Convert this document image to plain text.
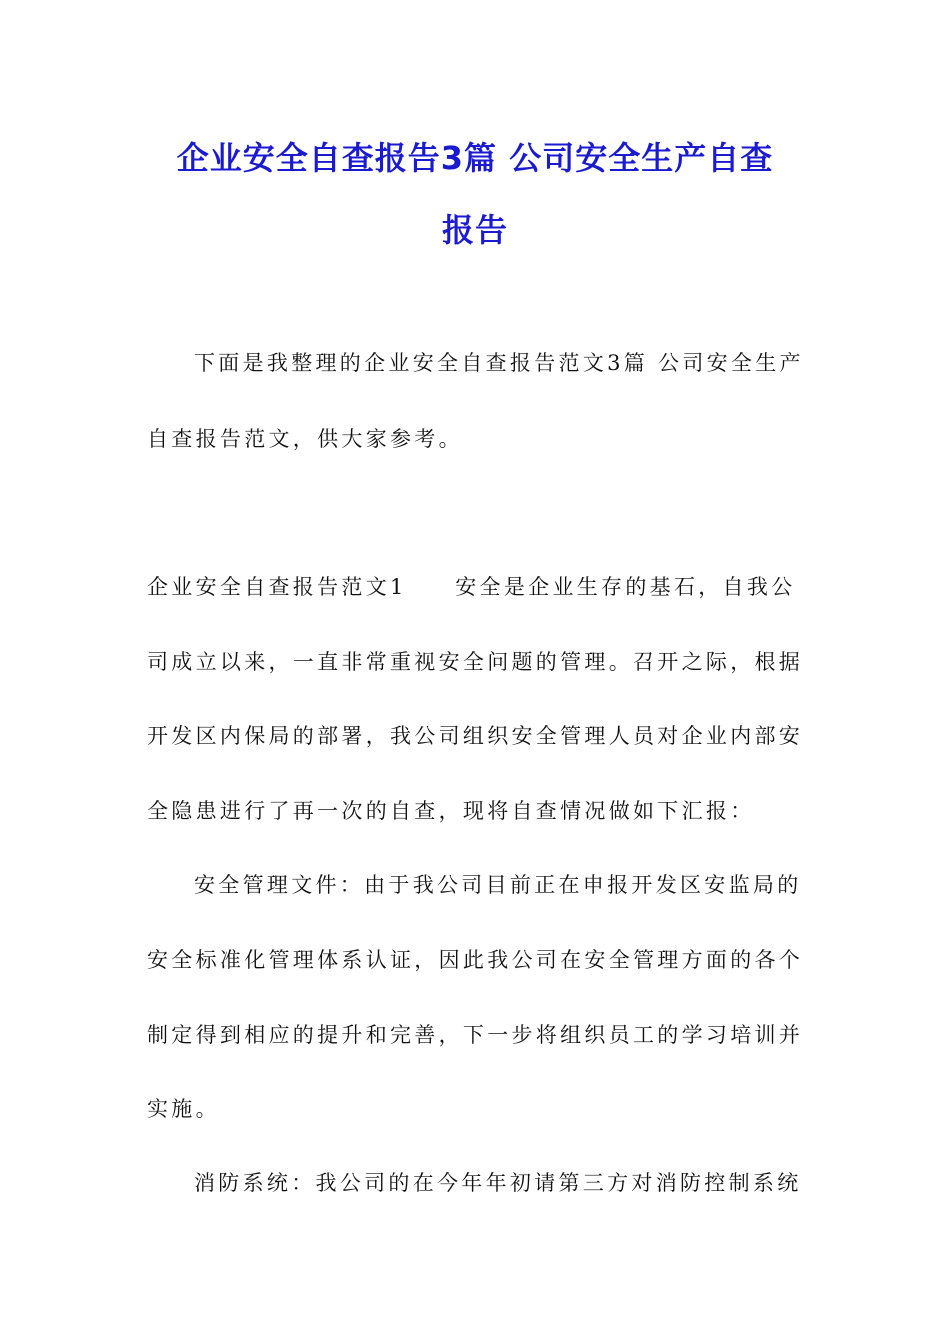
企业安全自查报告3篇 公司安全生产自查
报告
下面是我整理的企业安全自查报告范文3篇 公司安全生产
自查报告范文，供大家参考。
企业安全自查报告范文1　　安全是企业生存的基石，自我公
司成立以来，一直非常重视安全问题的管理。召开之际，根据
开发区内保局的部署，我公司组织安全管理人员对企业内部安
全隐患进行了再一次的自查，现将自查情况做如下汇报：
安全管理文件：由于我公司目前正在申报开发区安监局的
安全标准化管理体系认证，因此我公司在安全管理方面的各个
制定得到相应的提升和完善，下一步将组织员工的学习培训并
实施。
消防系统：我公司的在今年年初请第三方对消防控制系统
